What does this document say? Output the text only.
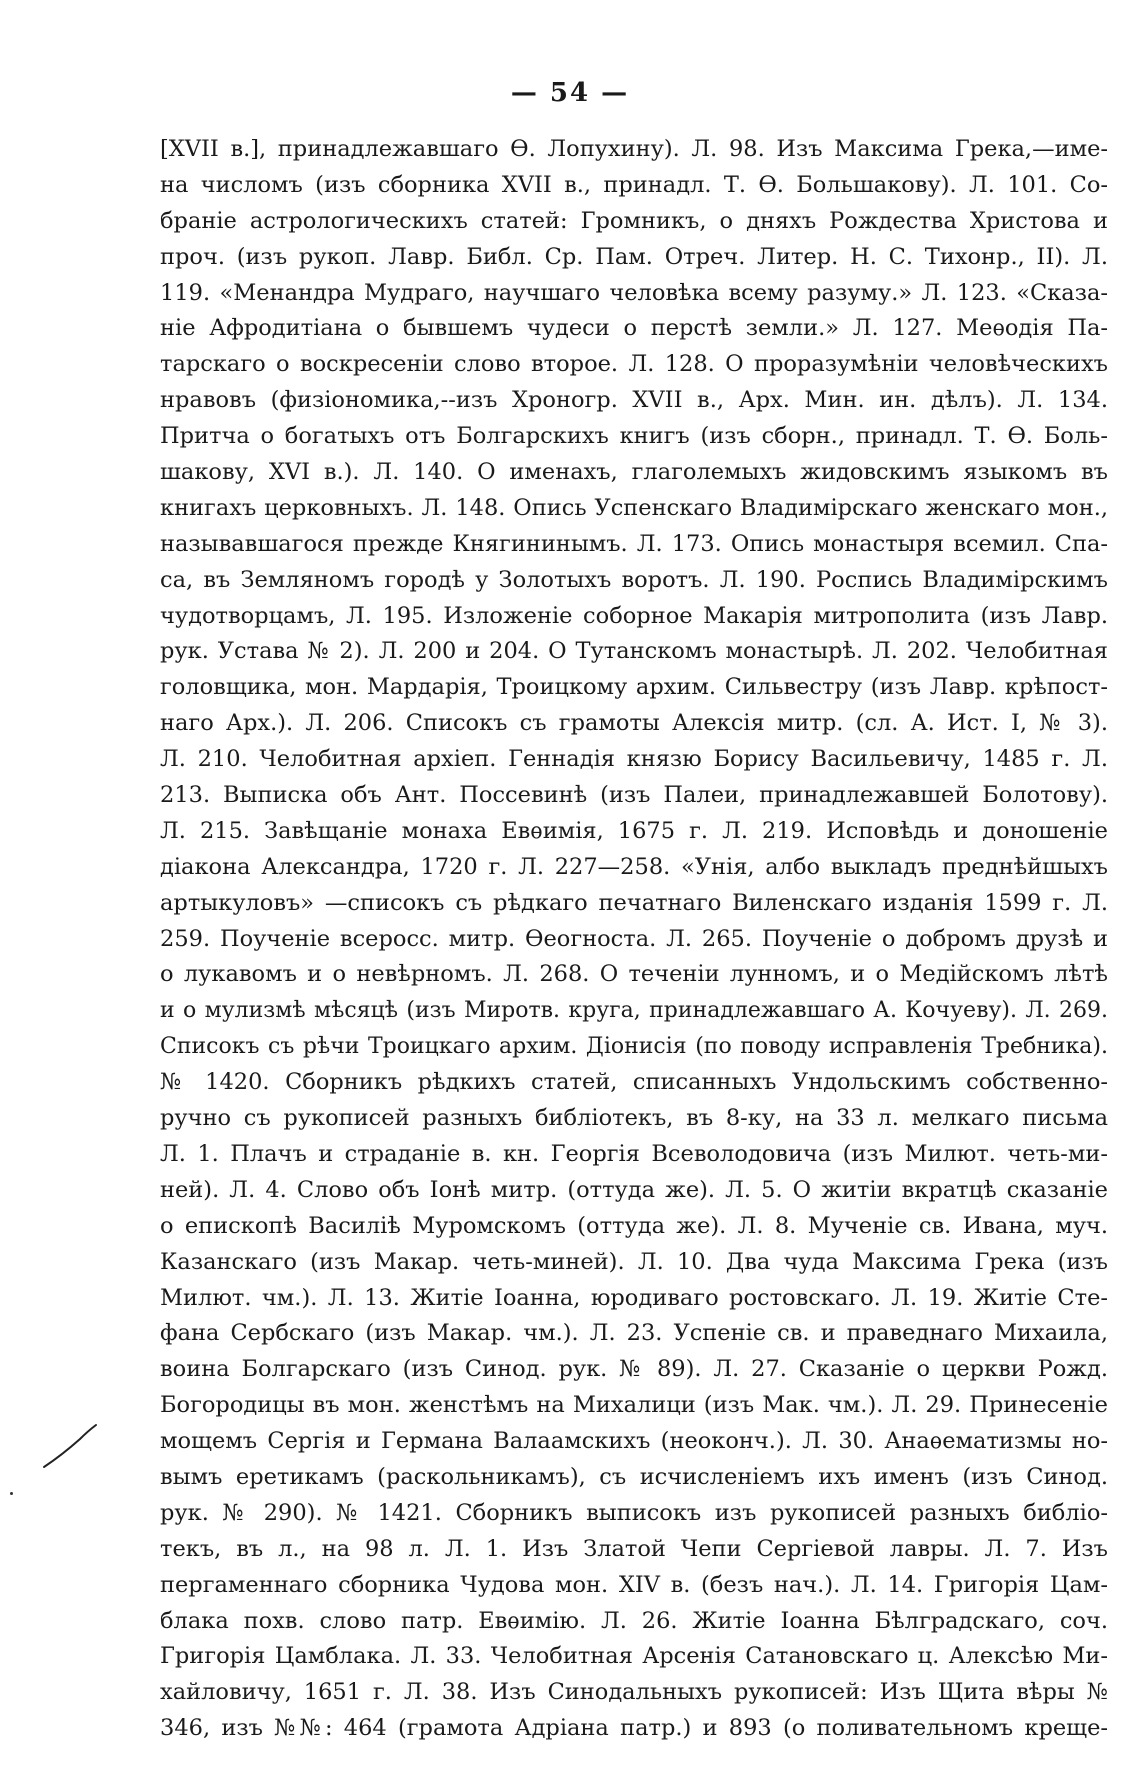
— 54 —
[XVII в.], принадлежавшаго Ѳ. Лопухину). Л. 98. Изъ Максима Грека,—име-
на числомъ (изъ сборника XVII в., принадл. Т. Ѳ. Большакову). Л. 101. Со-
браніе астрологическихъ статей: Громникъ, о дняхъ Рождества Христова и
проч. (изъ рукоп. Лавр. Библ. Ср. Пам. Отреч. Литер. Н. С. Тихонр., II). Л.
119. «Менандра Мудраго, научшаго человѣка всему разуму.» Л. 123. «Сказа-
ніе Афродитіана о бывшемъ чудеси о перстѣ земли.» Л. 127. Меѳодія Па-
тарскаго о воскресеніи слово второе. Л. 128. О проразумѣніи человѣческихъ
нравовъ (физіономика,--изъ Хроногр. XVII в., Арх. Мин. ин. дѣлъ). Л. 134.
Притча о богатыхъ отъ Болгарскихъ книгъ (изъ сборн., принадл. Т. Ѳ. Боль-
шакову, XVI в.). Л. 140. О именахъ, глаголемыхъ жидовскимъ языкомъ въ
книгахъ церковныхъ. Л. 148. Опись Успенскаго Владимірскаго женскаго мон.,
называвшагося прежде Княгининымъ. Л. 173. Опись монастыря всемил. Спа-
са, въ Земляномъ городѣ у Золотыхъ воротъ. Л. 190. Роспись Владимірскимъ
чудотворцамъ, Л. 195. Изложеніе соборное Макарія митрополита (изъ Лавр.
рук. Устава № 2). Л. 200 и 204. О Тутанскомъ монастырѣ. Л. 202. Челобитная
головщика, мон. Мардарія, Троицкому архим. Сильвестру (изъ Лавр. крѣпост-
наго Арх.). Л. 206. Списокъ съ грамоты Алексія митр. (сл. А. Ист. I, № 3).
Л. 210. Челобитная архіеп. Геннадія князю Борису Васильевичу, 1485 г. Л.
213. Выписка объ Ант. Поссевинѣ (изъ Палеи, принадлежавшей Болотову).
Л. 215. Завѣщаніе монаха Евѳимія, 1675 г. Л. 219. Исповѣдь и доношеніе
діакона Александра, 1720 г. Л. 227—258. «Унія, албо выкладъ преднѣйшыхъ
артыкуловъ» —списокъ съ рѣдкаго печатнаго Виленскаго изданія 1599 г. Л.
259. Поученіе всеросс. митр. Ѳеогноста. Л. 265. Поученіе о добромъ друзѣ и
о лукавомъ и о невѣрномъ. Л. 268. О теченіи лунномъ, и о Медійскомъ лѣтѣ
и о мулизмѣ мѣсяцѣ (изъ Миротв. круга, принадлежавшаго А. Кочуеву). Л. 269.
Списокъ съ рѣчи Троицкаго архим. Діонисія (по поводу исправленія Требника).
№ 1420. Сборникъ рѣдкихъ статей, списанныхъ Ундольскимъ собственно-
ручно съ рукописей разныхъ библіотекъ, въ 8-ку, на 33 л. мелкаго письма
Л. 1. Плачъ и страданіе в. кн. Георгія Всеволодовича (изъ Милют. четь-ми-
ней). Л. 4. Слово объ Іонѣ митр. (оттуда же). Л. 5. О житіи вкратцѣ сказаніе
о епископѣ Василіѣ Муромскомъ (оттуда же). Л. 8. Мученіе св. Ивана, муч.
Казанскаго (изъ Макар. четь-миней). Л. 10. Два чуда Максима Грека (изъ
Милют. чм.). Л. 13. Житіе Іоанна, юродиваго ростовскаго. Л. 19. Житіе Сте-
фана Сербскаго (изъ Макар. чм.). Л. 23. Успеніе св. и праведнаго Михаила,
воина Болгарскаго (изъ Синод. рук. № 89). Л. 27. Сказаніе о церкви Рожд.
Богородицы въ мон. женстѣмъ на Михалици (изъ Мак. чм.). Л. 29. Принесеніе
мощемъ Сергія и Германа Валаамскихъ (неоконч.). Л. 30. Анаѳематизмы но-
вымъ еретикамъ (раскольникамъ), съ исчисленіемъ ихъ именъ (изъ Синод.
рук. № 290). № 1421. Сборникъ выписокъ изъ рукописей разныхъ библіо-
текъ, въ л., на 98 л. Л. 1. Изъ Златой Чепи Сергіевой лавры. Л. 7. Изъ
пергаменнаго сборника Чудова мон. XIV в. (безъ нач.). Л. 14. Григорія Цам-
блака похв. слово патр. Евѳимію. Л. 26. Житіе Іоанна Бѣлградскаго, соч.
Григорія Цамблака. Л. 33. Челобитная Арсенія Сатановскаго ц. Алексѣю Ми-
хайловичу, 1651 г. Л. 38. Изъ Синодальныхъ рукописей: Изъ Щита вѣры №
346, изъ №№: 464 (грамота Адріана патр.) и 893 (о поливательномъ креще-
